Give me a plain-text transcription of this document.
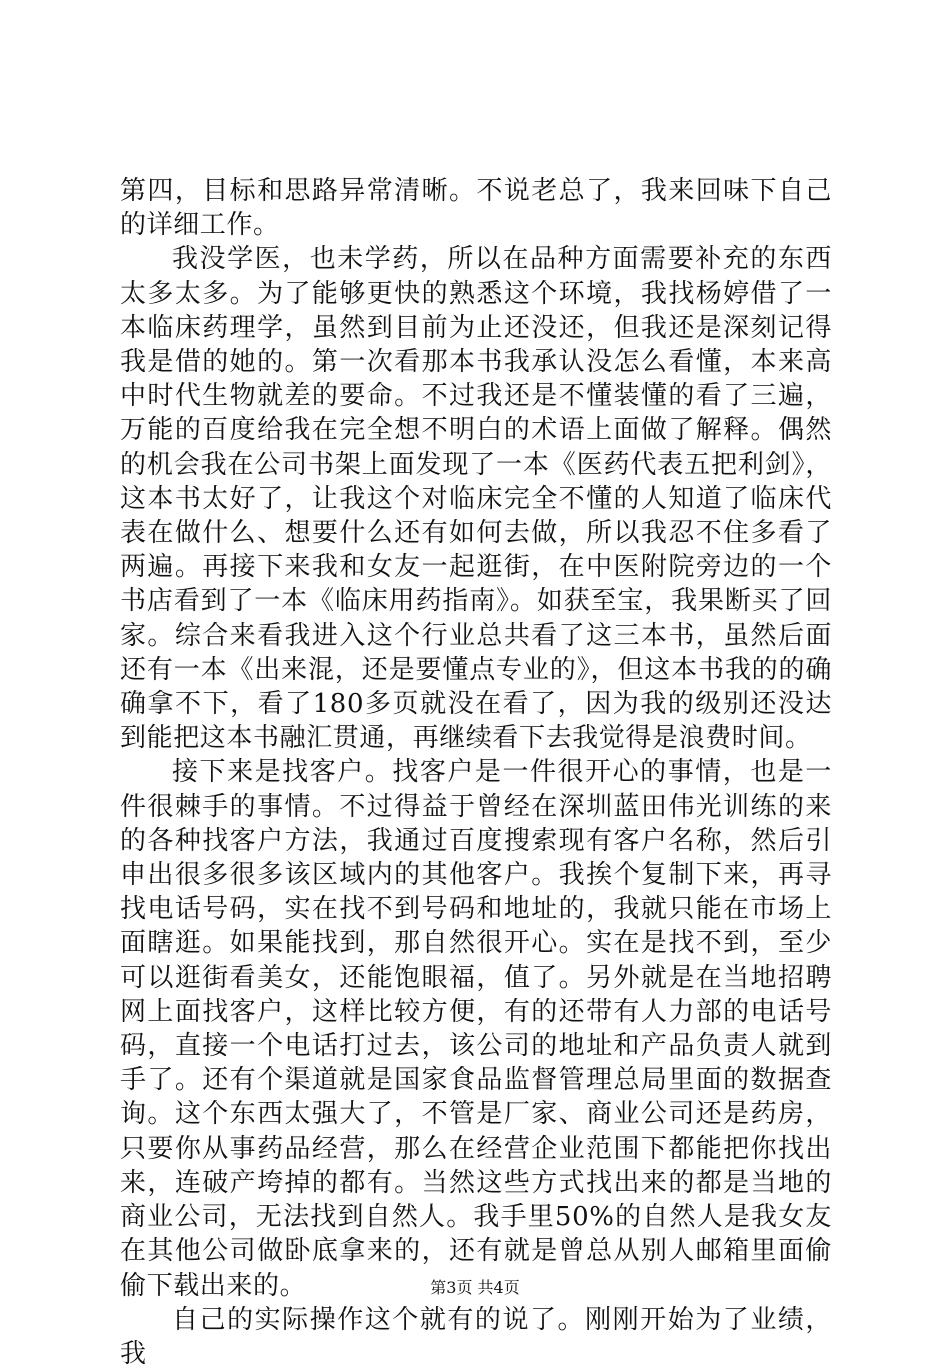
第四，目标和思路异常清晰。不说老总了，我来回味下自己的详细工作。

我没学医，也未学药，所以在品种方面需要补充的东西太多太多。为了能够更快的熟悉这个环境，我找杨婷借了一本临床药理学，虽然到目前为止还没还，但我还是深刻记得我是借的她的。第一次看那本书我承认没怎么看懂，本来高中时代生物就差的要命。不过我还是不懂装懂的看了三遍，万能的百度给我在完全想不明白的术语上面做了解释。偶然的机会我在公司书架上面发现了一本《医药代表五把利剑》，这本书太好了，让我这个对临床完全不懂的人知道了临床代表在做什么、想要什么还有如何去做，所以我忍不住多看了两遍。再接下来我和女友一起逛街，在中医附院旁边的一个书店看到了一本《临床用药指南》。如获至宝，我果断买了回家。综合来看我进入这个行业总共看了这三本书，虽然后面还有一本《出来混，还是要懂点专业的》，但这本书我的的确确拿不下，看了180多页就没在看了，因为我的级别还没达到能把这本书融汇贯通，再继续看下去我觉得是浪费时间。

接下来是找客户。找客户是一件很开心的事情，也是一件很棘手的事情。不过得益于曾经在深圳蓝田伟光训练的来的各种找客户方法，我通过百度搜索现有客户名称，然后引申出很多很多该区域内的其他客户。我挨个复制下来，再寻找电话号码，实在找不到号码和地址的，我就只能在市场上面瞎逛。如果能找到，那自然很开心。实在是找不到，至少可以逛街看美女，还能饱眼福，值了。另外就是在当地招聘网上面找客户，这样比较方便，有的还带有人力部的电话号码，直接一个电话打过去，该公司的地址和产品负责人就到手了。还有个渠道就是国家食品监督管理总局里面的数据查询。这个东西太强大了，不管是厂家、商业公司还是药房，只要你从事药品经营，那么在经营企业范围下都能把你找出来，连破产垮掉的都有。当然这些方式找出来的都是当地的商业公司，无法找到自然人。我手里50%的自然人是我女友在其他公司做卧底拿来的，还有就是曾总从别人邮箱里面偷偷下载出来的。

自己的实际操作这个就有的说了。刚刚开始为了业绩，我

第3页 共4页
